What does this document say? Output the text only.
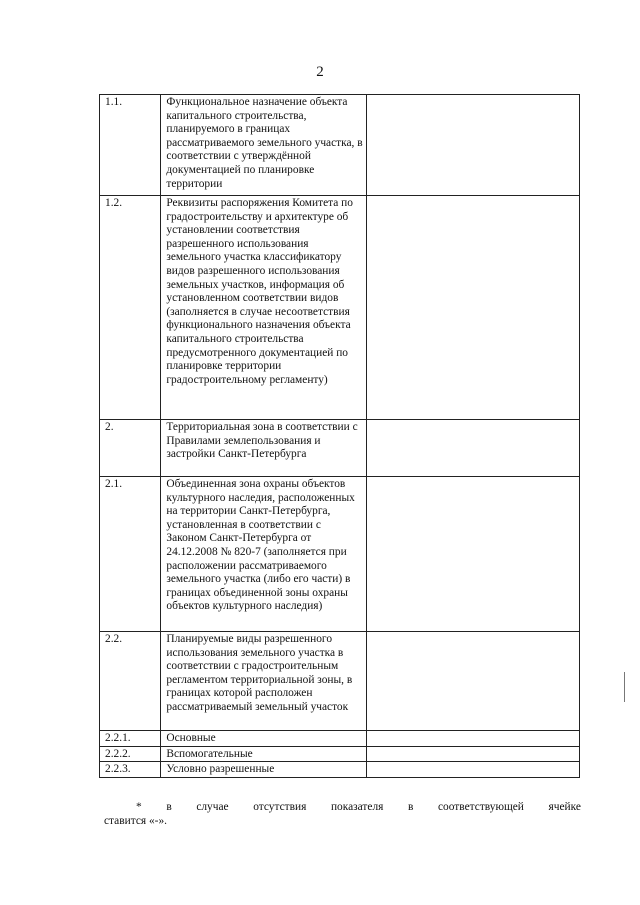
2
1.1.	Функциональное назначение объекта капитального строительства, планируемого в границах рассматриваемого земельного участка, в соответствии с утверждённой документацией по планировке территории	
1.2.	Реквизиты распоряжения Комитета по градостроительству и архитектуре об установлении соответствия разрешенного использования земельного участка классификатору видов разрешенного использования земельных участков, информация об установленном соответствии видов (заполняется в случае несоответствия функционального назначения объекта капитального строительства предусмотренного документацией по планировке территории градостроительному регламенту)	
2.	Территориальная зона в соответствии с Правилами землепользования и застройки Санкт-Петербурга	
2.1.	Объединенная зона охраны объектов культурного наследия, расположенных на территории Санкт-Петербурга, установленная в соответствии с Законом Санкт-Петербурга от 24.12.2008 № 820-7 (заполняется при расположении рассматриваемого земельного участка (либо его части) в границах объединенной зоны охраны объектов культурного наследия)	
2.2.	Планируемые виды разрешенного использования земельного участка в соответствии с градостроительным регламентом территориальной зоны, в границах которой расположен рассматриваемый земельный участок	
2.2.1.	Основные	
2.2.2.	Вспомогательные	
2.2.3.	Условно разрешенные	
* в случае отсутствия показателя в соответствующей ячейке
ставится «-».
